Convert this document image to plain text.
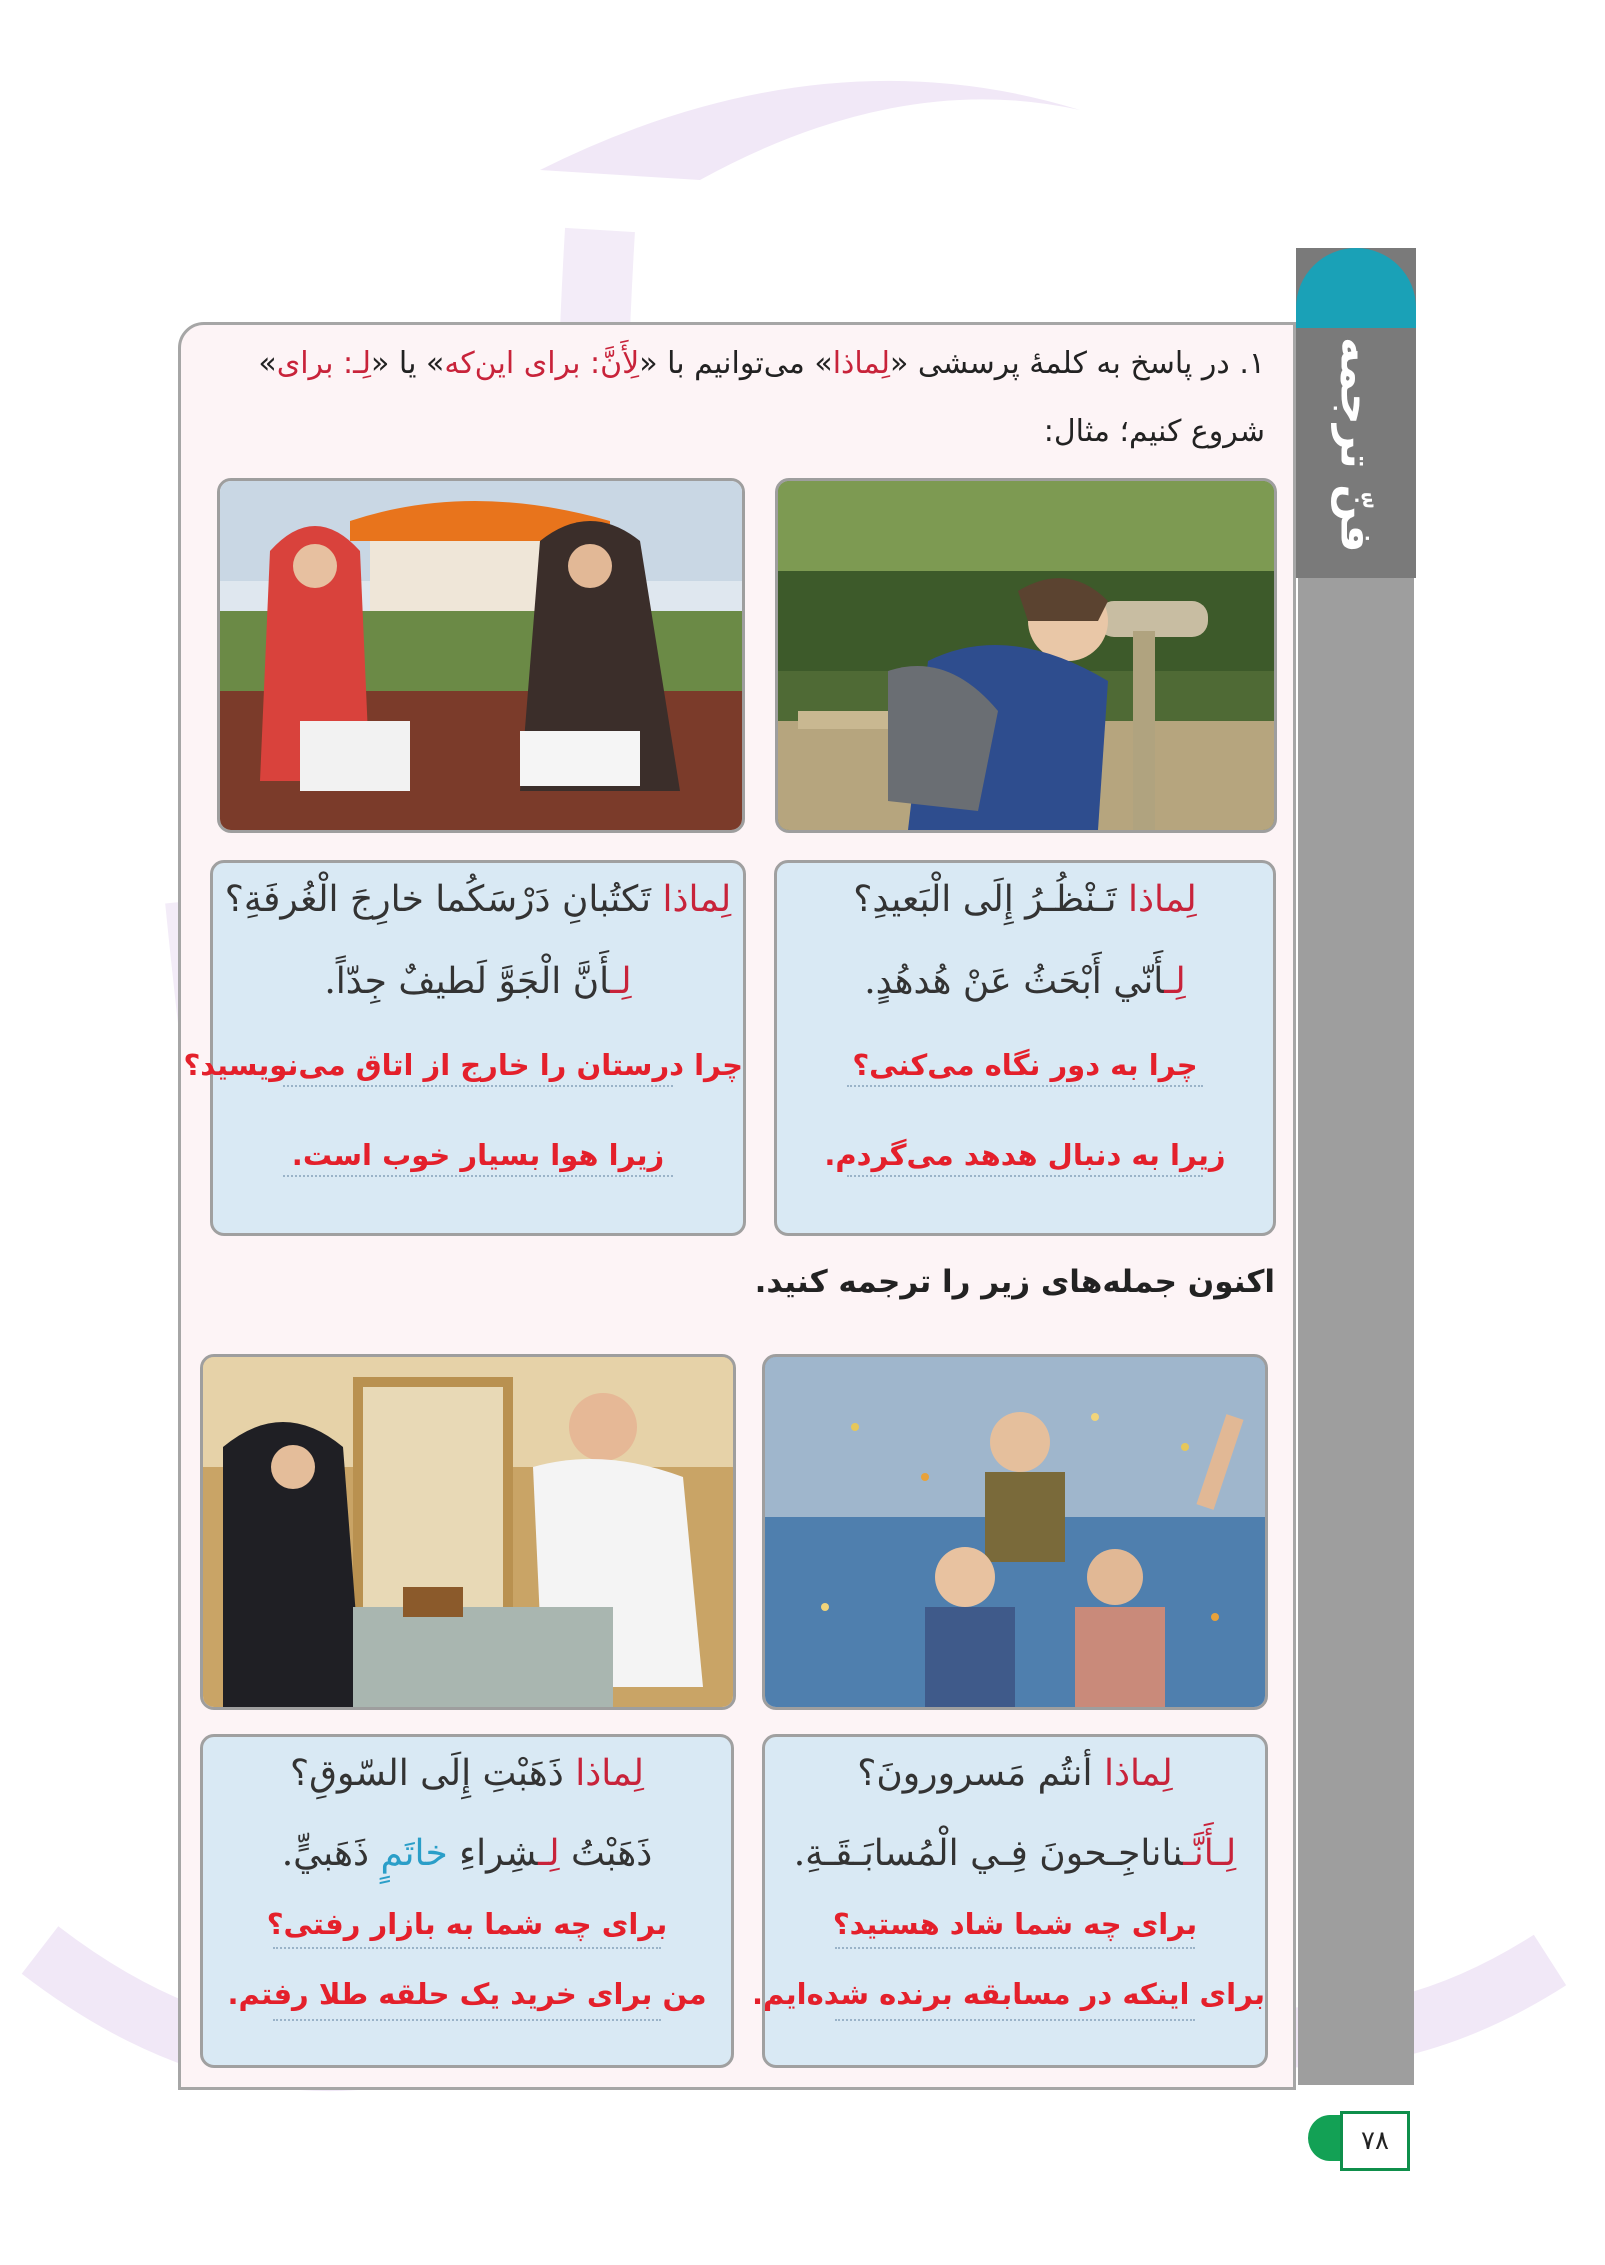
فنّ ترجمه
۱. در پاسخ به کلمهٔ پرسشی «لِماذا» می‌توانیم با «لِأَنَّ: برای این‌که» یا «لِـ: برای»
شروع کنیم؛ مثال:
لِماذا تَـنْظُـرُ إِلَى الْبَعيدِ؟
لِـأَنّي أَبْحَثُ عَنْ هُدهُدٍ.
چرا به دور نگاه می‌کنی؟
زیرا به دنبال هدهد می‌گردم.
لِماذا تَكتُبانِ دَرْسَكُما خارِجَ الْغُرفَةِ؟
لِـأَنَّ الْجَوَّ لَطيفٌ جِدّاً.
چرا درستان را خارج از اتاق می‌نویسید؟
زیرا هوا بسیار خوب است.
اکنون جمله‌های زیر را ترجمه کنید.
لِماذا أنتُم مَسرورونَ؟
لِـأَنَّـناناجِـحونَ فِـي الْمُسابَـقَـةِ.
برای چه شما شاد هستید؟
برای اینکه در مسابقه برنده شده‌ایم.
لِماذا ذَهَبْتِ إِلَى السّوقِ؟
ذَهَبْتُ لِـشِراءِ خاتَمٍ ذَهَبيٍّ.
برای چه شما به بازار رفتی؟
من برای خرید یک حلقه طلا رفتم.
۷۸
